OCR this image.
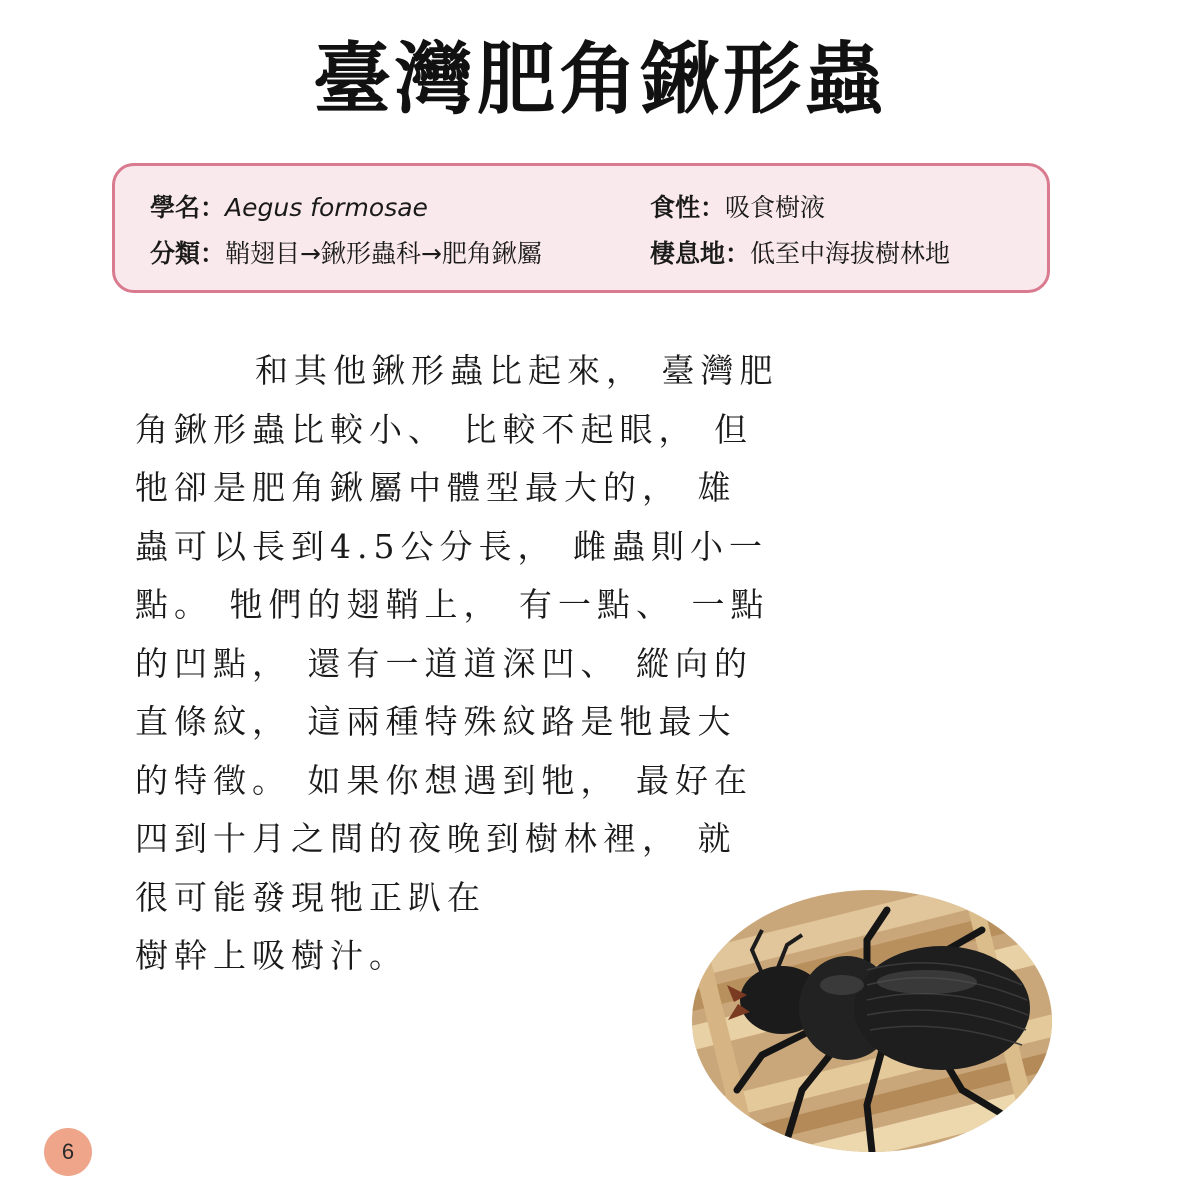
臺灣肥角鍬形蟲
學名：Aegus formosae
分類：鞘翅目→鍬形蟲科→肥角鍬屬
食性：吸食樹液
棲息地：低至中海拔樹林地
和其他鍬形蟲比起來， 臺灣肥
角鍬形蟲比較小、 比較不起眼， 但
牠卻是肥角鍬屬中體型最大的， 雄
蟲可以長到4.5公分長， 雌蟲則小一
點。 牠們的翅鞘上， 有一點、 一點
的凹點， 還有一道道深凹、 縱向的
直條紋， 這兩種特殊紋路是牠最大
的特徵。 如果你想遇到牠， 最好在
四到十月之間的夜晚到樹林裡， 就
很可能發現牠正趴在
樹幹上吸樹汁。
6
